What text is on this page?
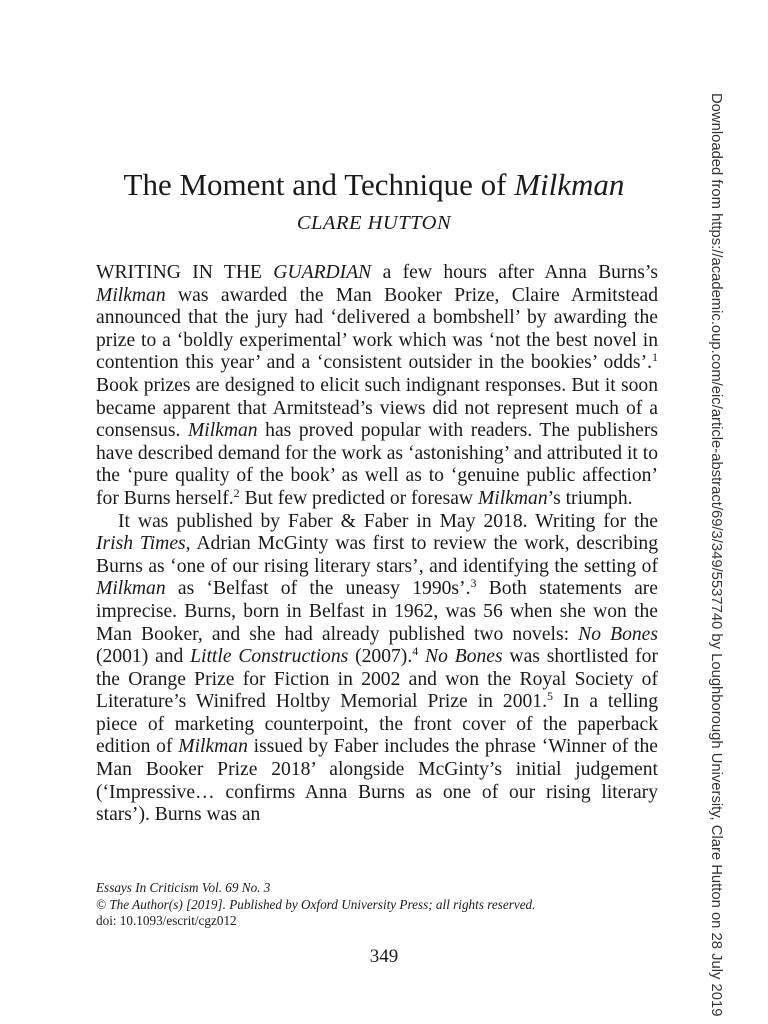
The Moment and Technique of Milkman
CLARE HUTTON

WRITING IN THE GUARDIAN a few hours after Anna Burns’s Milkman was awarded the Man Booker Prize, Claire Armitstead announced that the jury had ‘delivered a bombshell’ by awarding the prize to a ‘boldly experimental’ work which was ‘not the best novel in contention this year’ and a ‘consistent outsider in the bookies’ odds’.$^1$ Book prizes are designed to elicit such indignant responses. But it soon became apparent that Armitstead’s views did not represent much of a consensus. Milkman has proved popular with readers. The publishers have described demand for the work as ‘astonishing’ and attributed it to the ‘pure quality of the book’ as well as to ‘genuine public affection’ for Burns herself.$^2$ But few predicted or foresaw Milkman’s triumph.

It was published by Faber & Faber in May 2018. Writing for the Irish Times, Adrian McGinty was first to review the work, describing Burns as ‘one of our rising literary stars’, and identifying the setting of Milkman as ‘Belfast of the uneasy 1990s’.$^3$ Both statements are imprecise. Burns, born in Belfast in 1962, was 56 when she won the Man Booker, and she had already published two novels: No Bones (2001) and Little Constructions (2007).$^4$ No Bones was shortlisted for the Orange Prize for Fiction in 2002 and won the Royal Society of Literature’s Winifred Holtby Memorial Prize in 2001.$^5$ In a telling piece of marketing counterpoint, the front cover of the paperback edition of Milkman issued by Faber includes the phrase ‘Winner of the Man Booker Prize 2018’ alongside McGinty’s initial judgement (‘Impressive… confirms Anna Burns as one of our rising literary stars’). Burns was an

Essays In Criticism Vol. 69 No. 3
© The Author(s) [2019]. Published by Oxford University Press; all rights reserved.
doi: 10.1093/escrit/cgz012
349	Downloaded from https://academic.oup.com/eic/article-abstract/69/3/349/5537740 by Loughborough University, Clare Hutton on 28 July 2019
